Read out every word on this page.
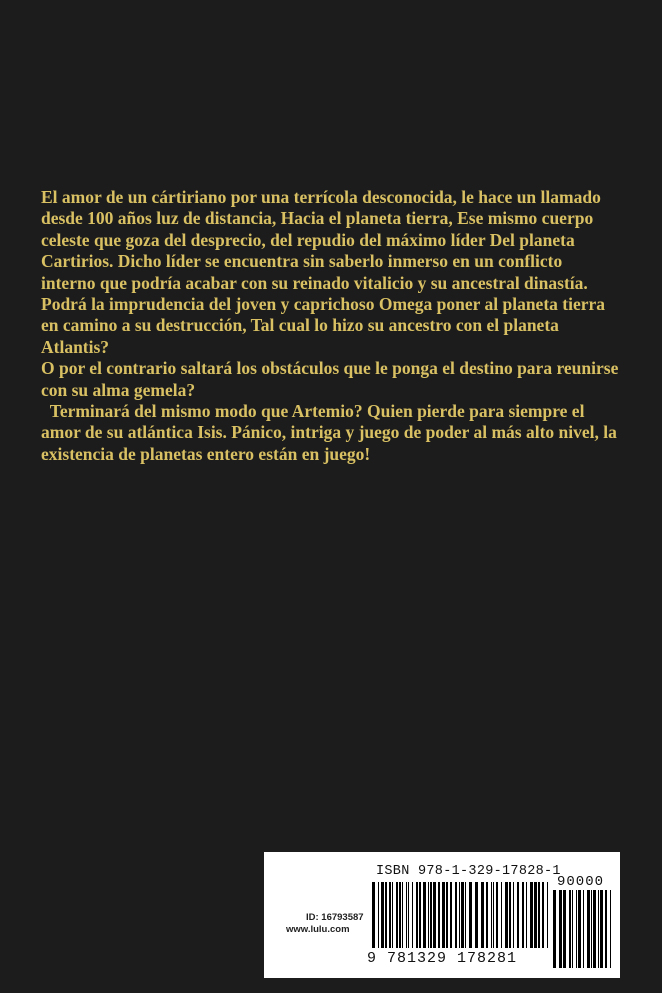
El amor de un cártiriano por una terrícola desconocida, le hace un llamado desde 100 años luz de distancia, Hacia el planeta tierra, Ese mismo cuerpo celeste que goza del desprecio, del repudio del máximo líder Del planeta Cartirios. Dicho líder se encuentra sin saberlo inmerso en un conflicto interno que podría acabar con su reinado vitalicio y su ancestral dinastía.

Podrá la imprudencia del joven y caprichoso Omega poner al planeta tierra en camino a su destrucción, Tal cual lo hizo su ancestro con el planeta Atlantis?

O por el contrario saltará los obstáculos que le ponga el destino para reunirse con su alma gemela?

Terminará del mismo modo que Artemio? Quien pierde para siempre el amor de su atlántica Isis. Pánico, intriga y juego de poder al más alto nivel, la existencia de planetas entero están en juego!

ISBN 978-1-329-17828-1
ID: 16793587
www.lulu.com
9 781329 178281
90000
